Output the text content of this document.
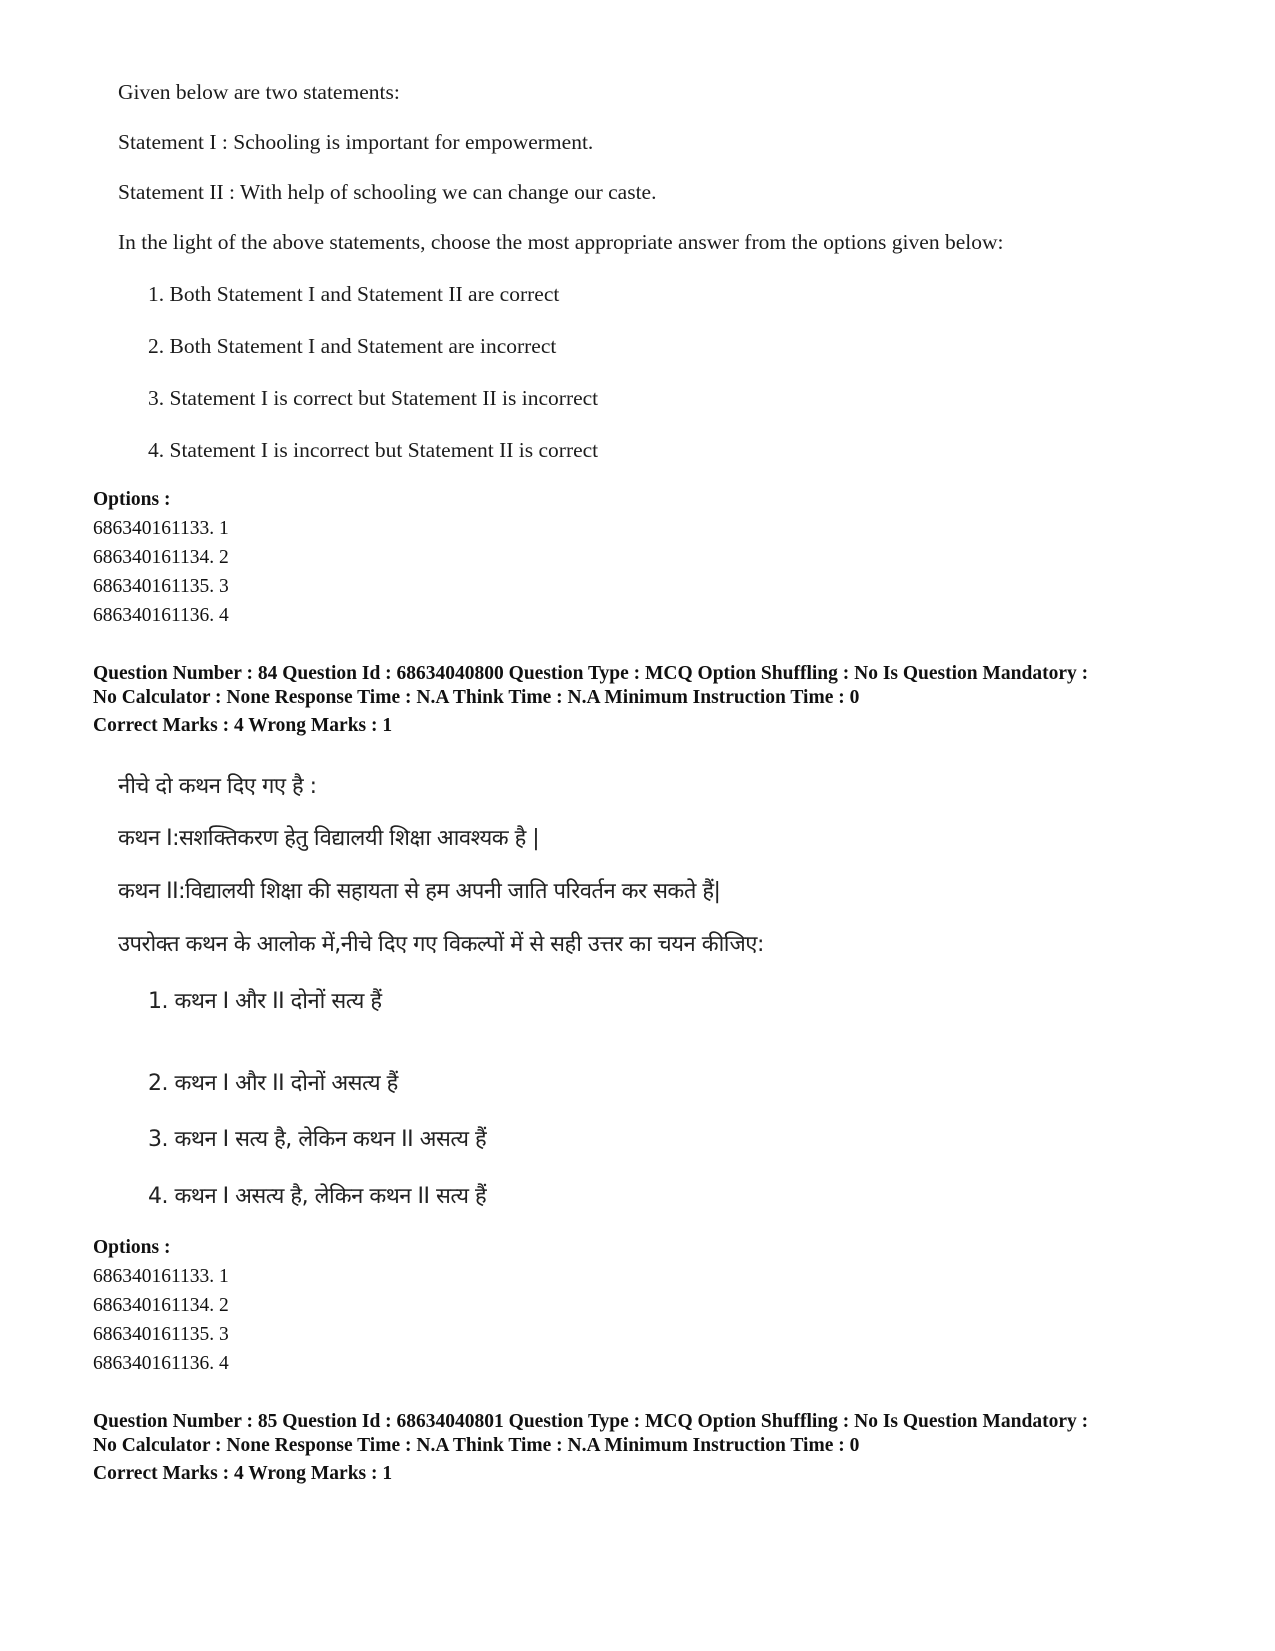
Given below are two statements:
Statement I : Schooling is important for empowerment.
Statement II : With help of schooling we can change our caste.
In the light of the above statements, choose the most appropriate answer from the options given below:
1. Both Statement I and Statement II are correct
2. Both Statement I and Statement are incorrect
3. Statement I is correct but Statement II is incorrect
4. Statement I is incorrect but Statement II is correct
Options :
686340161133. 1
686340161134. 2
686340161135. 3
686340161136. 4
Question Number : 84 Question Id : 68634040800 Question Type : MCQ Option Shuffling : No Is Question Mandatory :
No Calculator : None Response Time : N.A Think Time : N.A Minimum Instruction Time : 0
Correct Marks : 4 Wrong Marks : 1
नीचे दो कथन दिए गए है :
कथन I:सशक्तिकरण हेतु विद्यालयी शिक्षा आवश्यक है |
कथन II:विद्यालयी शिक्षा की सहायता से हम अपनी जाति परिवर्तन कर सकते हैं|
उपरोक्त कथन के आलोक में,नीचे दिए गए विकल्पों में से सही उत्तर का चयन कीजिए:
1. कथन I और II दोनों सत्य हैं
2. कथन I और II दोनों असत्य हैं
3. कथन I सत्य है, लेकिन कथन II असत्य हैं
4. कथन I असत्य है, लेकिन कथन II सत्य हैं
Options :
686340161133. 1
686340161134. 2
686340161135. 3
686340161136. 4
Question Number : 85 Question Id : 68634040801 Question Type : MCQ Option Shuffling : No Is Question Mandatory :
No Calculator : None Response Time : N.A Think Time : N.A Minimum Instruction Time : 0
Correct Marks : 4 Wrong Marks : 1
